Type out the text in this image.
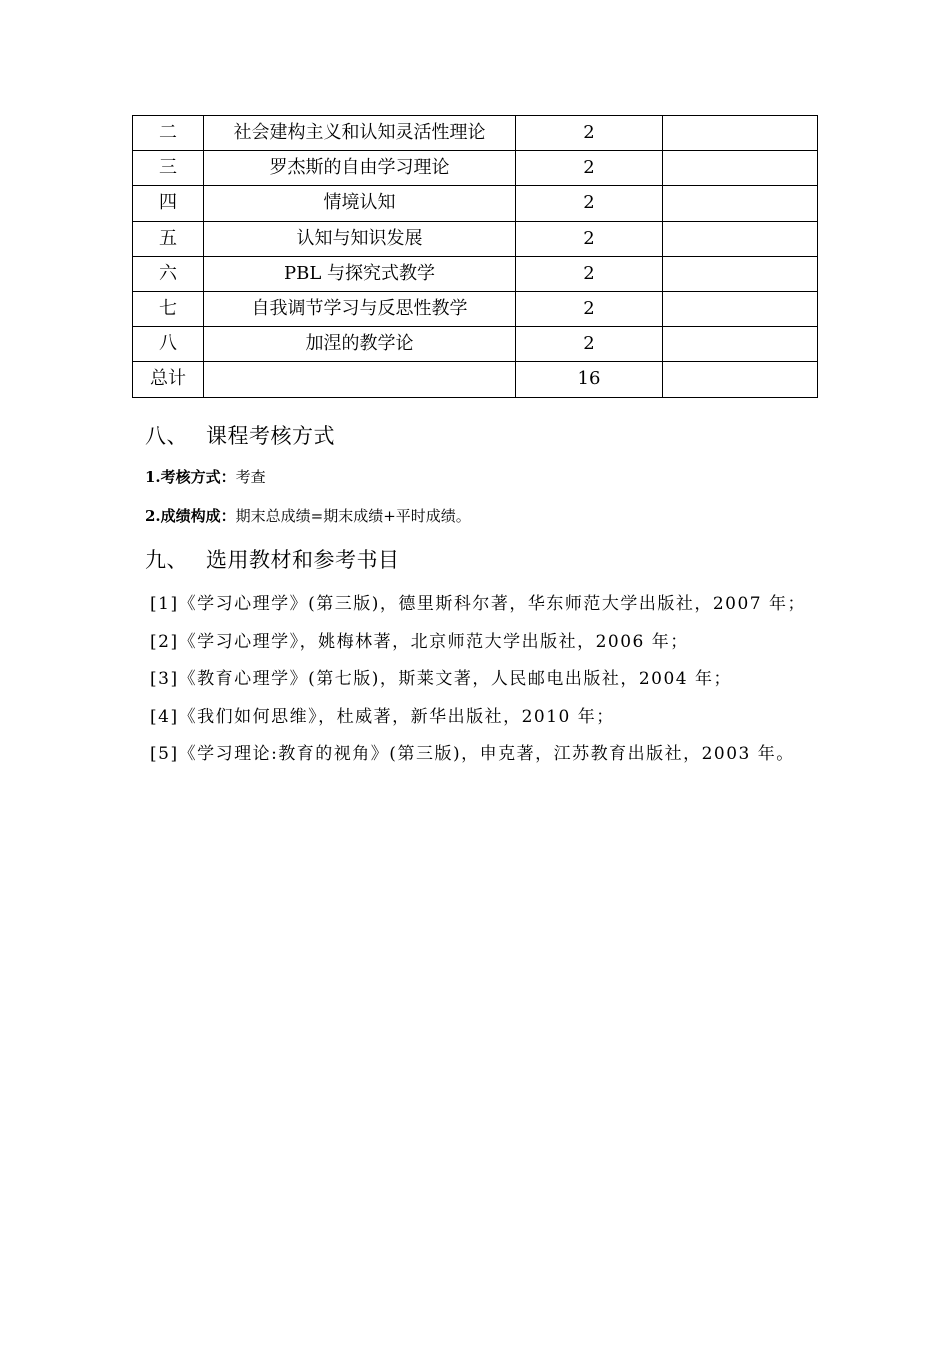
二	社会建构主义和认知灵活性理论	2	
三	罗杰斯的自由学习理论	2	
四	情境认知	2	
五	认知与知识发展	2	
六	PBL 与探究式教学	2	
七	自我调节学习与反思性教学	2	
八	加涅的教学论	2	
总计		16	
八、 课程考核方式
1.考核方式：考查
2.成绩构成：期末总成绩=期末成绩+平时成绩。
九、 选用教材和参考书目
[1]《学习心理学》(第三版)，德里斯科尔著，华东师范大学出版社，2007 年；
[2]《学习心理学》，姚梅林著，北京师范大学出版社，2006 年；
[3]《教育心理学》(第七版)，斯莱文著，人民邮电出版社，2004 年；
[4]《我们如何思维》，杜威著，新华出版社，2010 年；
[5]《学习理论:教育的视角》(第三版)，申克著，江苏教育出版社，2003 年。
